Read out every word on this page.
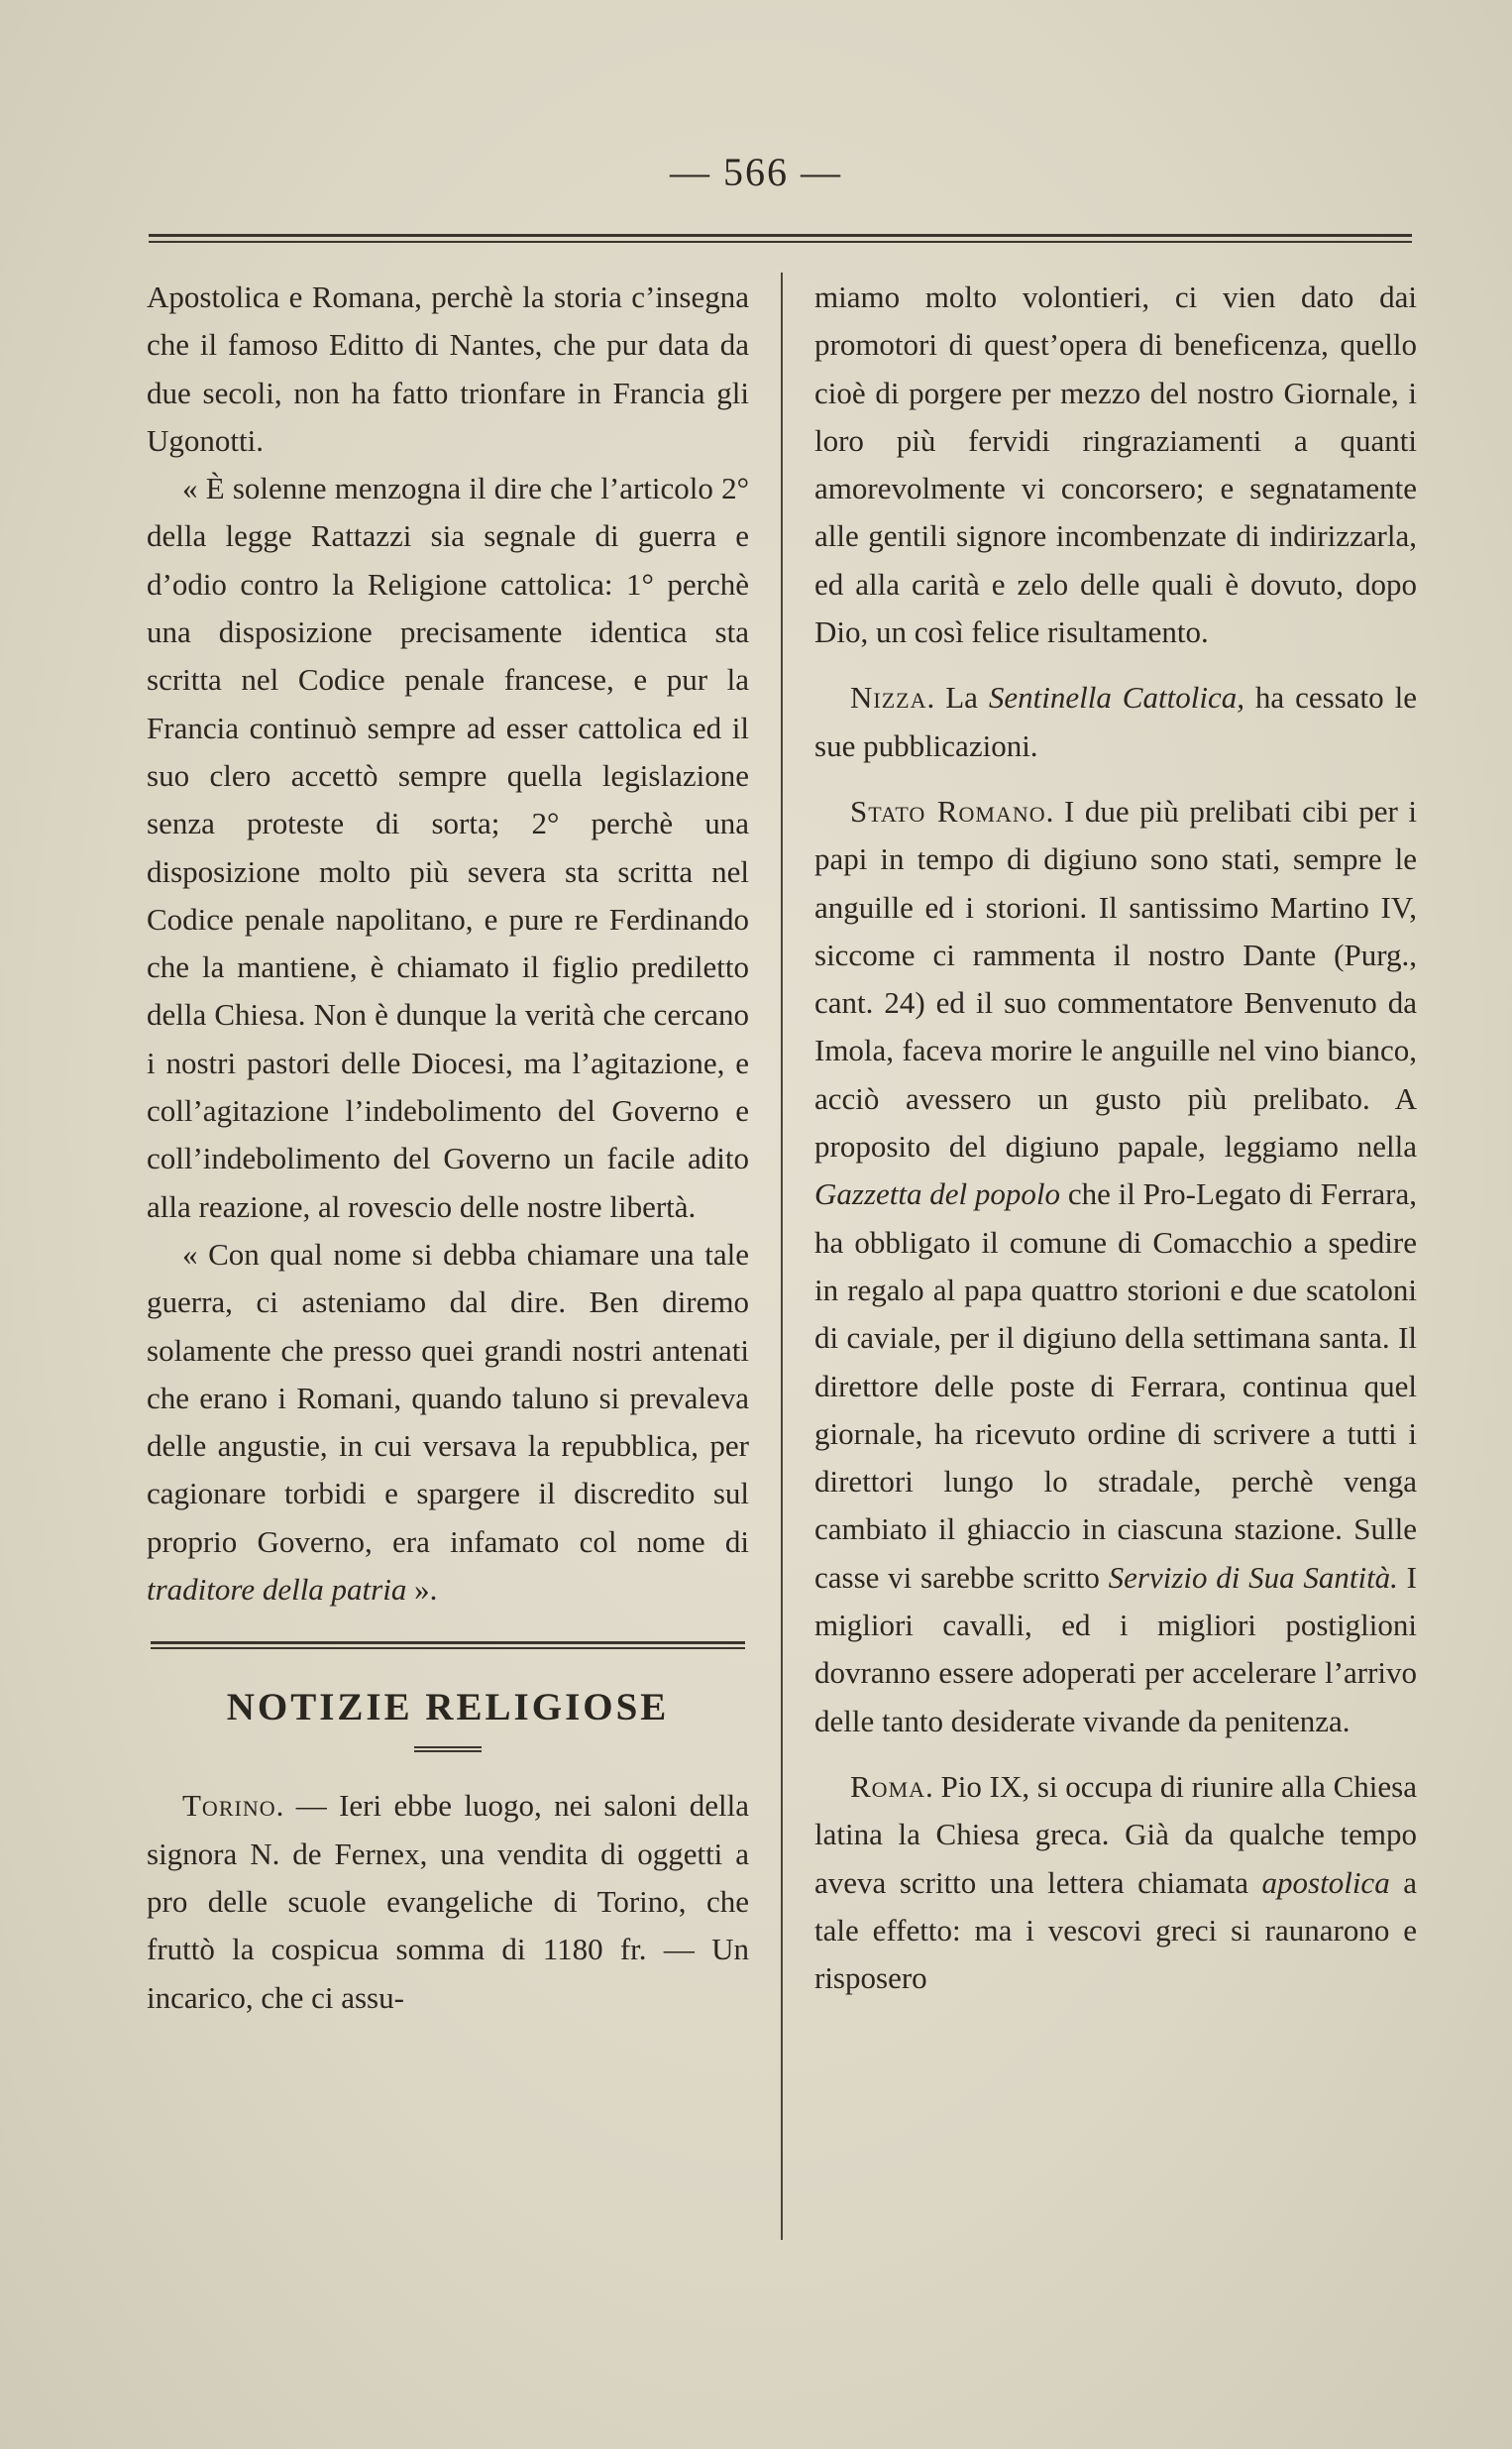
— 566 —

Apostolica e Romana, perchè la storia c’insegna che il famoso Editto di Nantes, che pur data da due secoli, non ha fatto trionfare in Francia gli Ugonotti.

« È solenne menzogna il dire che l’articolo 2° della legge Rattazzi sia segnale di guerra e d’odio contro la Religione cattolica: 1° perchè una disposizione precisamente identica sta scritta nel Codice penale francese, e pur la Francia continuò sempre ad esser cattolica ed il suo clero accettò sempre quella legislazione senza proteste di sorta; 2° perchè una disposizione molto più severa sta scritta nel Codice penale napolitano, e pure re Ferdinando che la mantiene, è chiamato il figlio prediletto della Chiesa. Non è dunque la verità che cercano i nostri pastori delle Diocesi, ma l’agitazione, e coll’agitazione l’indebolimento del Governo e coll’indebolimento del Governo un facile adito alla reazione, al rovescio delle nostre libertà.

« Con qual nome si debba chiamare una tale guerra, ci asteniamo dal dire. Ben diremo solamente che presso quei grandi nostri antenati che erano i Romani, quando taluno si prevaleva delle angustie, in cui versava la repubblica, per cagionare torbidi e spargere il discredito sul proprio Governo, era infamato col nome di traditore della patria ».

NOTIZIE RELIGIOSE

Torino. — Ieri ebbe luogo, nei saloni della signora N. de Fernex, una vendita di oggetti a pro delle scuole evangeliche di Torino, che fruttò la cospicua somma di 1180 fr. — Un incarico, che ci assu-

miamo molto volontieri, ci vien dato dai promotori di quest’opera di beneficenza, quello cioè di porgere per mezzo del nostro Giornale, i loro più fervidi ringraziamenti a quanti amorevolmente vi concorsero; e segnatamente alle gentili signore incombenzate di indirizzarla, ed alla carità e zelo delle quali è dovuto, dopo Dio, un così felice risultamento.

Nizza. La Sentinella Cattolica, ha cessato le sue pubblicazioni.

Stato Romano. I due più prelibati cibi per i papi in tempo di digiuno sono stati, sempre le anguille ed i storioni. Il santissimo Martino IV, siccome ci rammenta il nostro Dante (Purg., cant. 24) ed il suo commentatore Benvenuto da Imola, faceva morire le anguille nel vino bianco, acciò avessero un gusto più prelibato. A proposito del digiuno papale, leggiamo nella Gazzetta del popolo che il Pro-Legato di Ferrara, ha obbligato il comune di Comacchio a spedire in regalo al papa quattro storioni e due scatoloni di caviale, per il digiuno della settimana santa. Il direttore delle poste di Ferrara, continua quel giornale, ha ricevuto ordine di scrivere a tutti i direttori lungo lo stradale, perchè venga cambiato il ghiaccio in ciascuna stazione. Sulle casse vi sarebbe scritto Servizio di Sua Santità. I migliori cavalli, ed i migliori postiglioni dovranno essere adoperati per accelerare l’arrivo delle tanto desiderate vivande da penitenza.

Roma. Pio IX, si occupa di riunire alla Chiesa latina la Chiesa greca. Già da qualche tempo aveva scritto una lettera chiamata apostolica a tale effetto: ma i vescovi greci si raunarono e risposero
